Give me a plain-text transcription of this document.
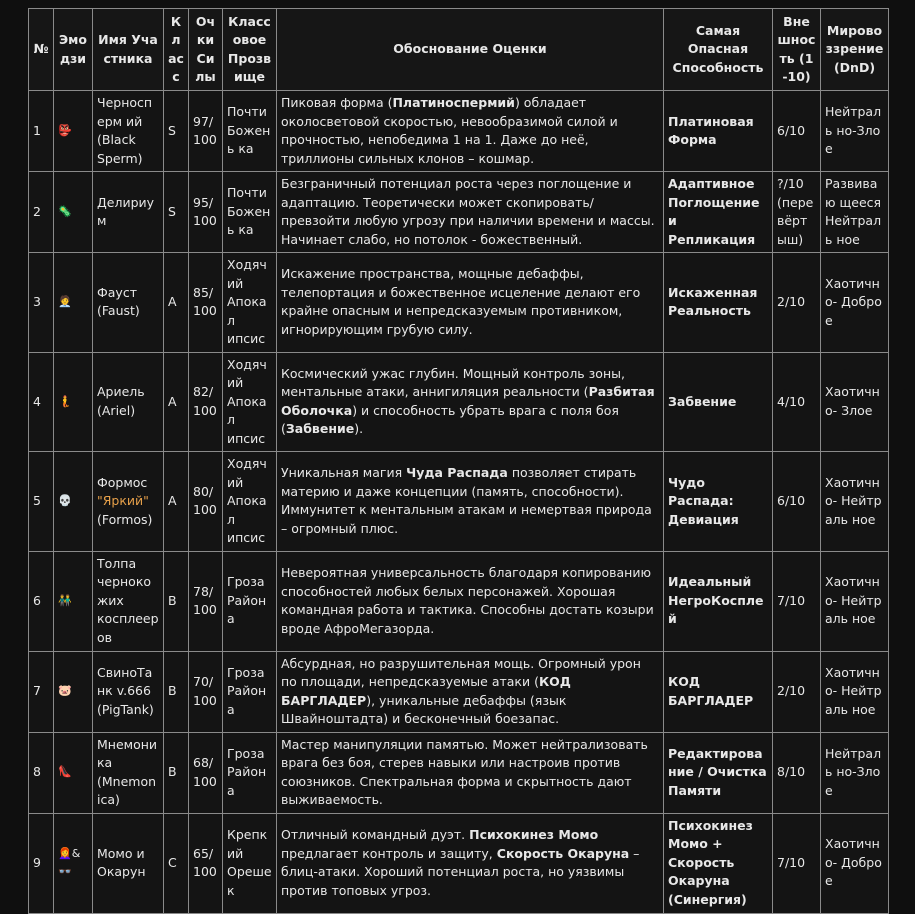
№	Эмодзи	Имя Участника	Класс	Очки Силы	Классовое Прозвище	Обоснование Оценки	Самая Опасная Способность	Внешность (1-10)	Мировоззрение (DnD)
1	👺	Черносперм ий (Black Sperm)	S	97/100	Почти Божень ка	Пиковая форма (Платиноспермий) обладает околосветовой скоростью, невообразимой силой и прочностью, непобедима 1 на 1. Даже до неё, триллионы сильных клонов – кошмар.	Платиновая Форма	6/10	Нейтраль но-Злое
2	🦠	Делириум	S	95/100	Почти Божень ка	Безграничный потенциал роста через поглощение и адаптацию. Теоретически может скопировать/превзойти любую угрозу при наличии времени и массы. Начинает слабо, но потолок - божественный.	Адаптивное Поглощение и Репликация	?/10 (перевёртыш)	Развиваю щееся Нейтраль ное
3	🧑‍💼	Фауст (Faust)	A	85/100	Ходячий Апокал ипсис	Искажение пространства, мощные дебаффы, телепортация и божественное исцеление делают его крайне опасным и непредсказуемым противником, игнорирующим грубую силу.	Искаженная Реальность	2/10	Хаотично- Доброе
4	🧜	Ариель (Ariel)	A	82/100	Ходячий Апокал ипсис	Космический ужас глубин. Мощный контроль зоны, ментальные атаки, аннигиляция реальности (Разбитая Оболочка) и способность убрать врага с поля боя (Забвение).	Забвение	4/10	Хаотично- Злое
5	💀	Формос "Яркий" (Formos)	A	80/100	Ходячий Апокал ипсис	Уникальная магия Чуда Распада позволяет стирать материю и даже концепции (память, способности). Иммунитет к ментальным атакам и немертвая природа – огромный плюс.	Чудо Распада: Девиация	6/10	Хаотично- Нейтраль ное
6	👬	Толпа чернокожих косплееров	B	78/100	Гроза Района	Невероятная универсальность благодаря копированию способностей любых белых персонажей. Хорошая командная работа и тактика. Способны достать козыри вроде АфроМегазорда.	Идеальный НегроКосплей	7/10	Хаотично- Нейтраль ное
7	🐷	СвиноТанк v.666 (PigTank)	B	70/100	Гроза Района	Абсурдная, но разрушительная мощь. Огромный урон по площади, непредсказуемые атаки (КОД БАРГЛАДЕР), уникальные дебаффы (язык Швайноштадта) и бесконечный боезапас.	КОД БАРГЛАДЕР	2/10	Хаотично- Нейтраль ное
8	👠	Мнемоника (Mnemonica)	B	68/100	Гроза Района	Мастер манипуляции памятью. Может нейтрализовать врага без боя, стерев навыки или настроив против союзников. Спектральная форма и скрытность дают выживаемость.	Редактирование / Очистка Памяти	8/10	Нейтраль но-Злое
9	👩‍🦰&👓	Момо и Окарун	C	65/100	Крепкий Орешек	Отличный командный дуэт. Психокинез Момо предлагает контроль и защиту, Скорость Окаруна – блиц-атаки. Хороший потенциал роста, но уязвимы против топовых угроз.	Психокинез Момо + Скорость Окаруна (Синергия)	7/10	Хаотично- Доброе
